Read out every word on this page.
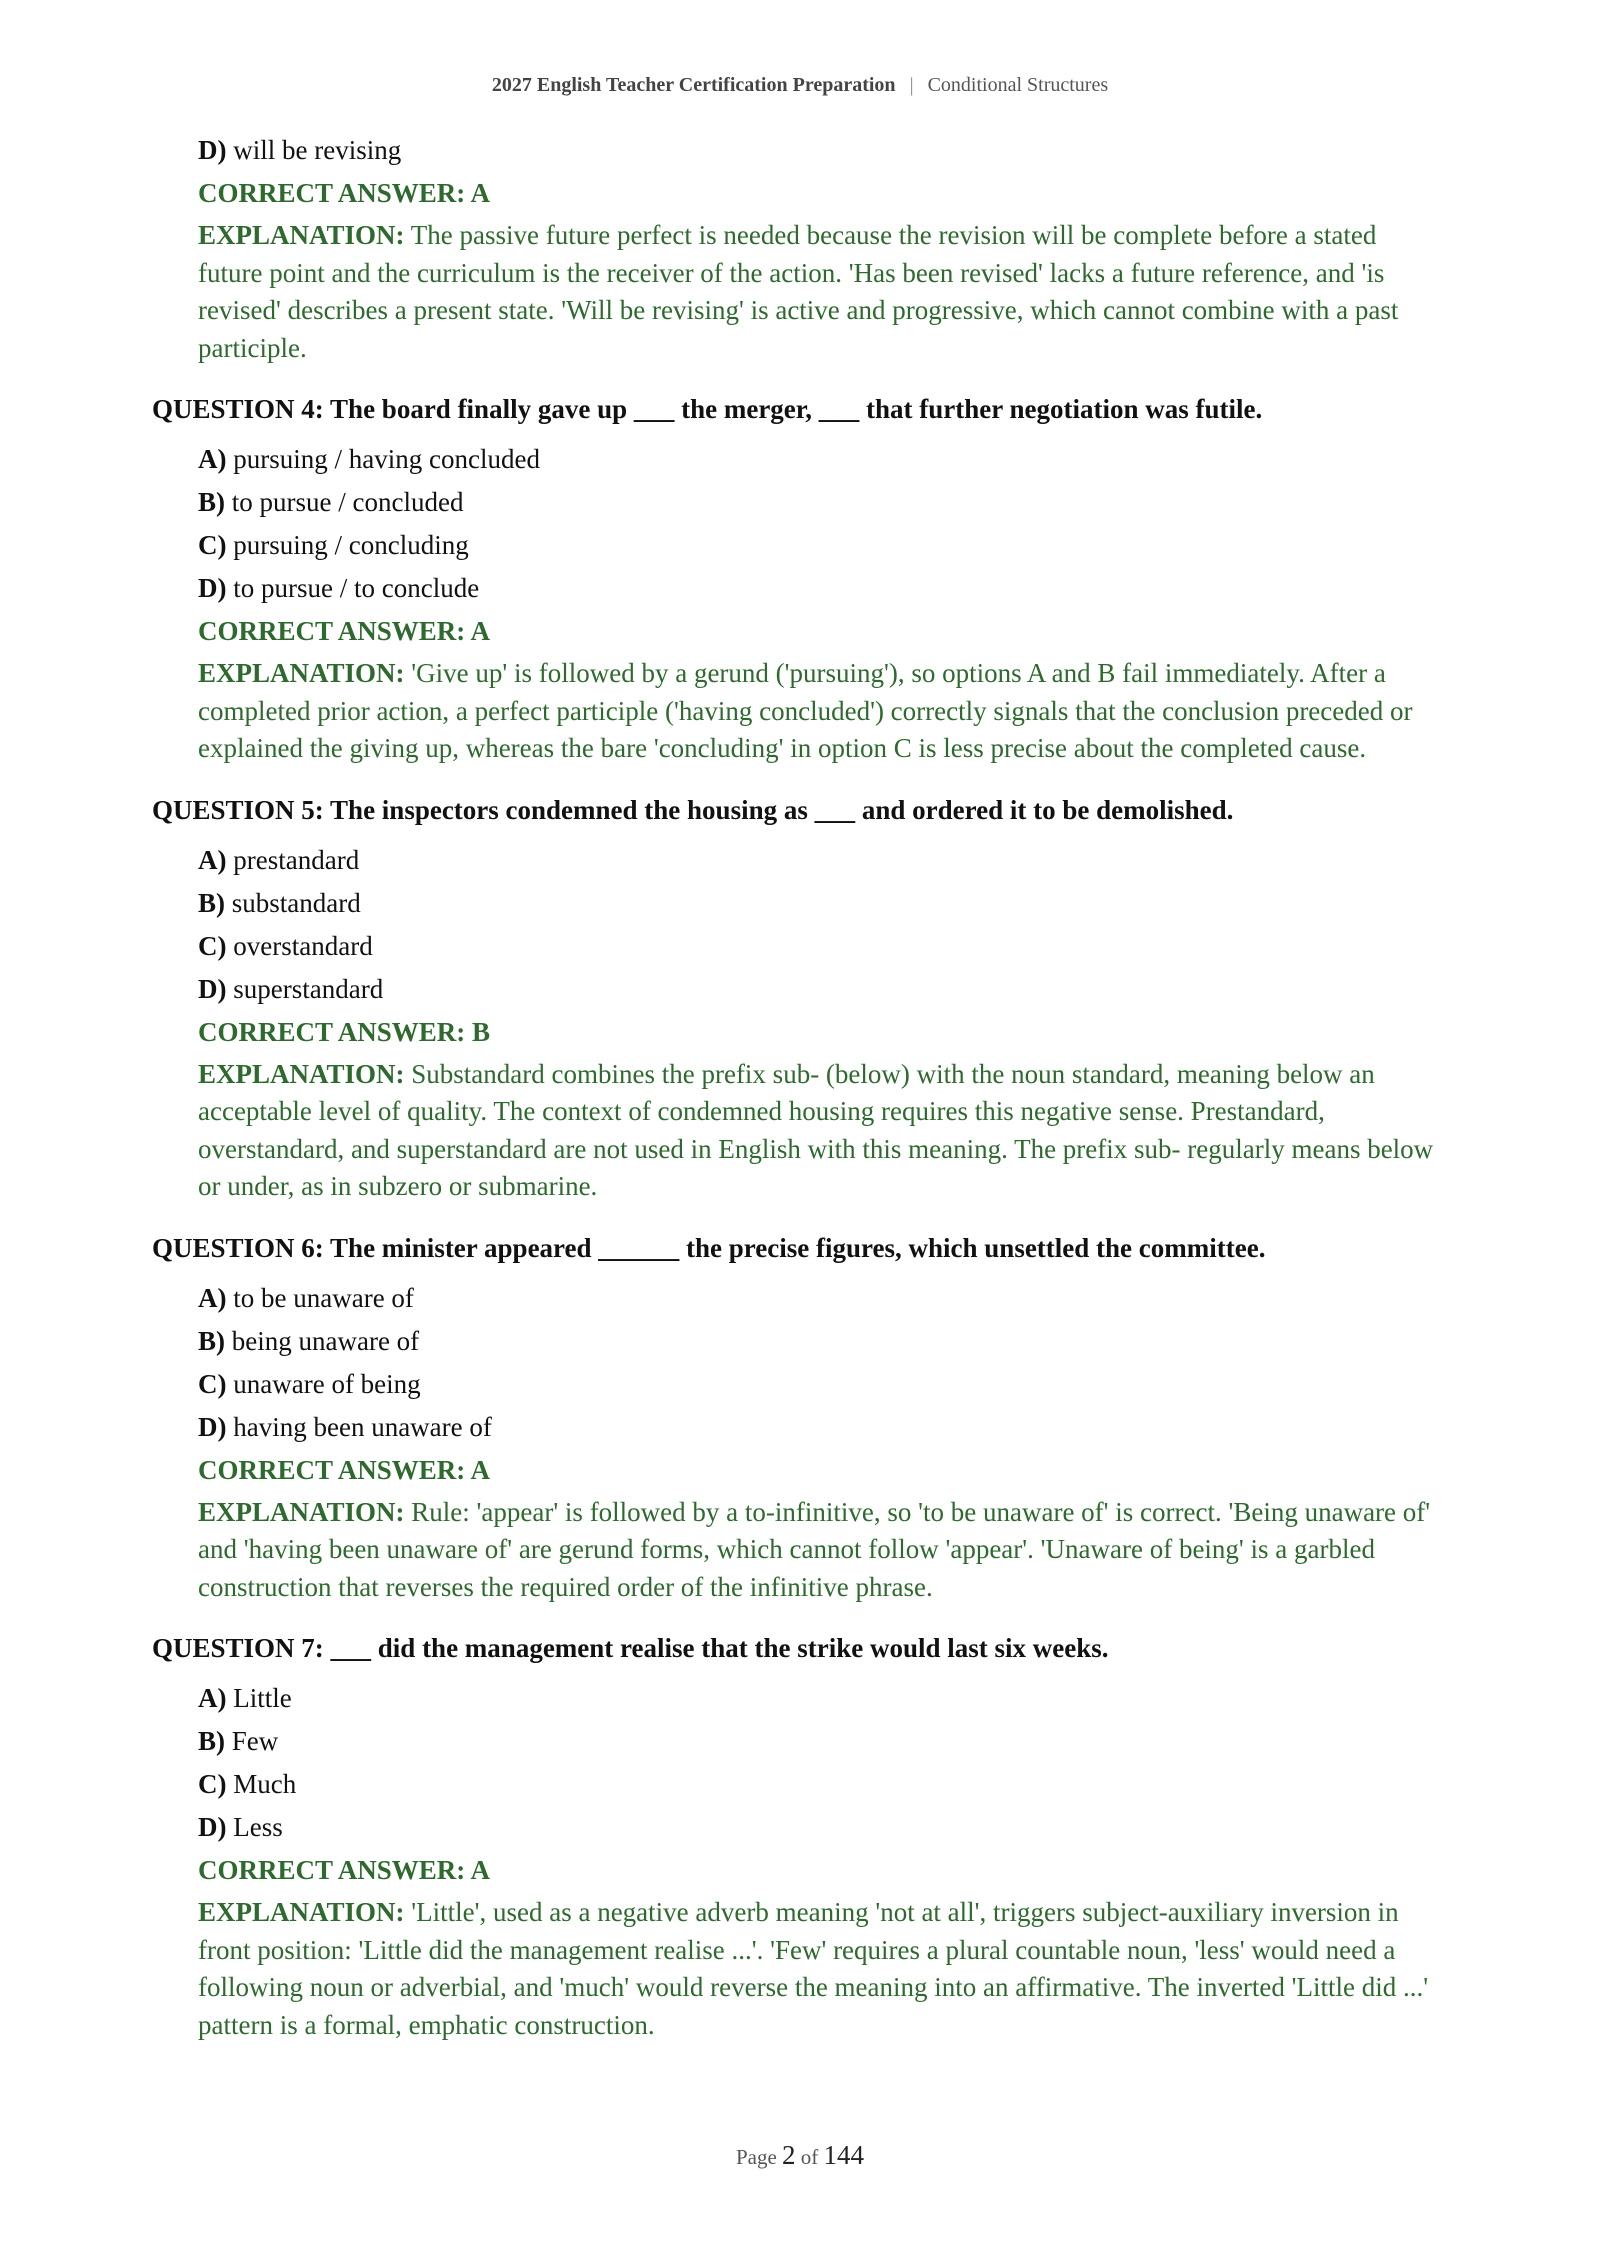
2027 English Teacher Certification Preparation | Conditional Structures
D) will be revising
CORRECT ANSWER: A
EXPLANATION: The passive future perfect is needed because the revision will be complete before a stated future point and the curriculum is the receiver of the action. 'Has been revised' lacks a future reference, and 'is revised' describes a present state. 'Will be revising' is active and progressive, which cannot combine with a past participle.
QUESTION 4: The board finally gave up ___ the merger, ___ that further negotiation was futile.
A) pursuing / having concluded
B) to pursue / concluded
C) pursuing / concluding
D) to pursue / to conclude
CORRECT ANSWER: A
EXPLANATION: 'Give up' is followed by a gerund ('pursuing'), so options A and B fail immediately. After a completed prior action, a perfect participle ('having concluded') correctly signals that the conclusion preceded or explained the giving up, whereas the bare 'concluding' in option C is less precise about the completed cause.
QUESTION 5: The inspectors condemned the housing as ___ and ordered it to be demolished.
A) prestandard
B) substandard
C) overstandard
D) superstandard
CORRECT ANSWER: B
EXPLANATION: Substandard combines the prefix sub- (below) with the noun standard, meaning below an acceptable level of quality. The context of condemned housing requires this negative sense. Prestandard, overstandard, and superstandard are not used in English with this meaning. The prefix sub- regularly means below or under, as in subzero or submarine.
QUESTION 6: The minister appeared ______ the precise figures, which unsettled the committee.
A) to be unaware of
B) being unaware of
C) unaware of being
D) having been unaware of
CORRECT ANSWER: A
EXPLANATION: Rule: 'appear' is followed by a to-infinitive, so 'to be unaware of' is correct. 'Being unaware of' and 'having been unaware of' are gerund forms, which cannot follow 'appear'. 'Unaware of being' is a garbled construction that reverses the required order of the infinitive phrase.
QUESTION 7: ___ did the management realise that the strike would last six weeks.
A) Little
B) Few
C) Much
D) Less
CORRECT ANSWER: A
EXPLANATION: 'Little', used as a negative adverb meaning 'not at all', triggers subject-auxiliary inversion in front position: 'Little did the management realise ...'. 'Few' requires a plural countable noun, 'less' would need a following noun or adverbial, and 'much' would reverse the meaning into an affirmative. The inverted 'Little did ...' pattern is a formal, emphatic construction.
Page 2 of 144
